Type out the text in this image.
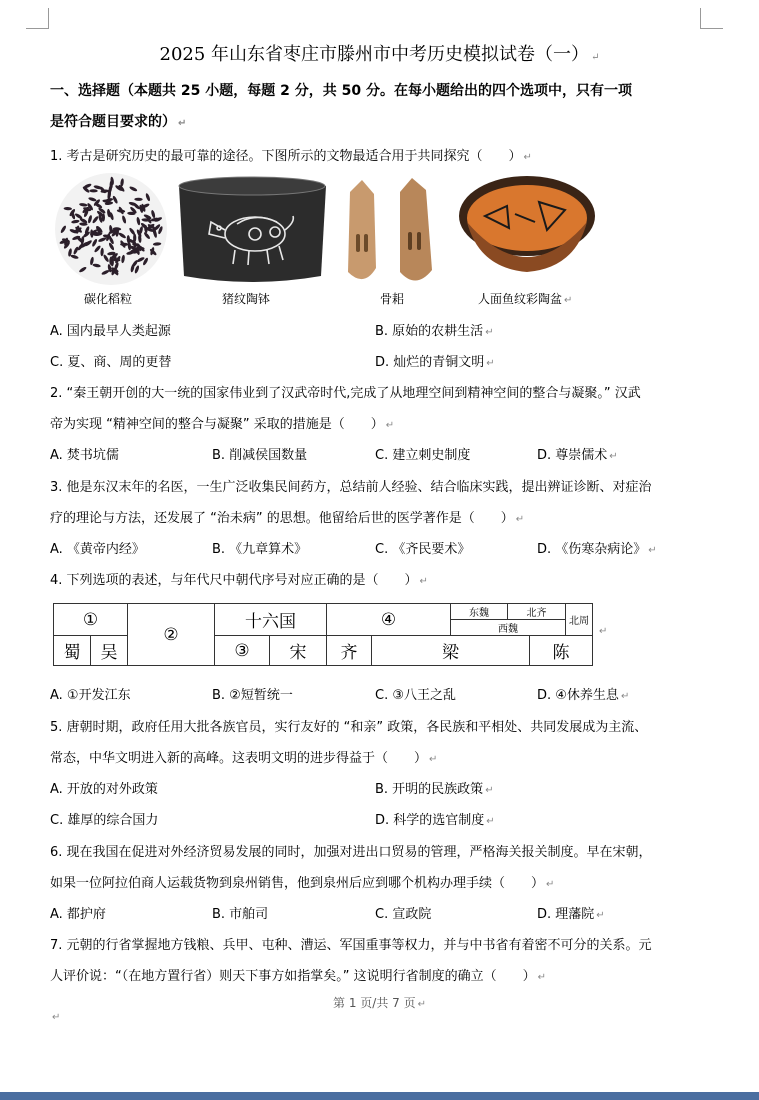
2025 年山东省枣庄市滕州市中考历史模拟试卷（一） ↵
一、选择题（本题共 25 小题，每题 2 分，共 50 分。在每小题给出的四个选项中，只有一项
是符合题目要求的） ↵
1. 考古是研究历史的最可靠的途径。下图所示的文物最适合用于共同探究（　　） ↵
碳化稻粒	猪纹陶钵	骨耜	人面鱼纹彩陶盆 ↵
A. 国内最早人类起源	B. 原始的农耕生活 ↵
C. 夏、商、周的更替	D. 灿烂的青铜文明 ↵
2. “秦王朝开创的大一统的国家伟业到了汉武帝时代,完成了从地理空间到精神空间的整合与凝聚。” 汉武
帝为实现 “精神空间的整合与凝聚” 采取的措施是（　　） ↵
A. 焚书坑儒	B. 削减侯国数量	C. 建立刺史制度	D. 尊崇儒术 ↵
3. 他是东汉末年的名医，一生广泛收集民间药方，总结前人经验、结合临床实践，提出辨证诊断、对症治
疗的理论与方法，还发展了 “治未病” 的思想。他留给后世的医学著作是（　　） ↵
A. 《黄帝内经》	B. 《九章算术》	C. 《齐民要术》	D. 《伤寒杂病论》 ↵
4. 下列选项的表述，与年代尺中朝代序号对应正确的是（　　） ↵
①	②	十六国	④		东魏	北齐	北周
西魏

蜀	吴	③	宋	齐	梁	陈
↵
A. ①开发江东	B. ②短暂统一	C. ③八王之乱	D. ④休养生息 ↵
5. 唐朝时期，政府任用大批各族官员，实行友好的 “和亲” 政策，各民族和平相处、共同发展成为主流、
常态，中华文明进入新的高峰。这表明文明的进步得益于（　　） ↵
A. 开放的对外政策	B. 开明的民族政策 ↵
C. 雄厚的综合国力	D. 科学的选官制度 ↵
6. 现在我国在促进对外经济贸易发展的同时，加强对进出口贸易的管理，严格海关报关制度。早在宋朝，
如果一位阿拉伯商人运载货物到泉州销售，他到泉州后应到哪个机构办理手续（　　） ↵
A. 都护府	B. 市舶司	C. 宣政院	D. 理藩院 ↵
7. 元朝的行省掌握地方钱粮、兵甲、屯种、漕运、军国重事等权力，并与中书省有着密不可分的关系。元
人评价说：“（在地方置行省）则天下事方如指掌矣。” 这说明行省制度的确立（　　） ↵
第 1 页/共 7 页 ↵
↵
